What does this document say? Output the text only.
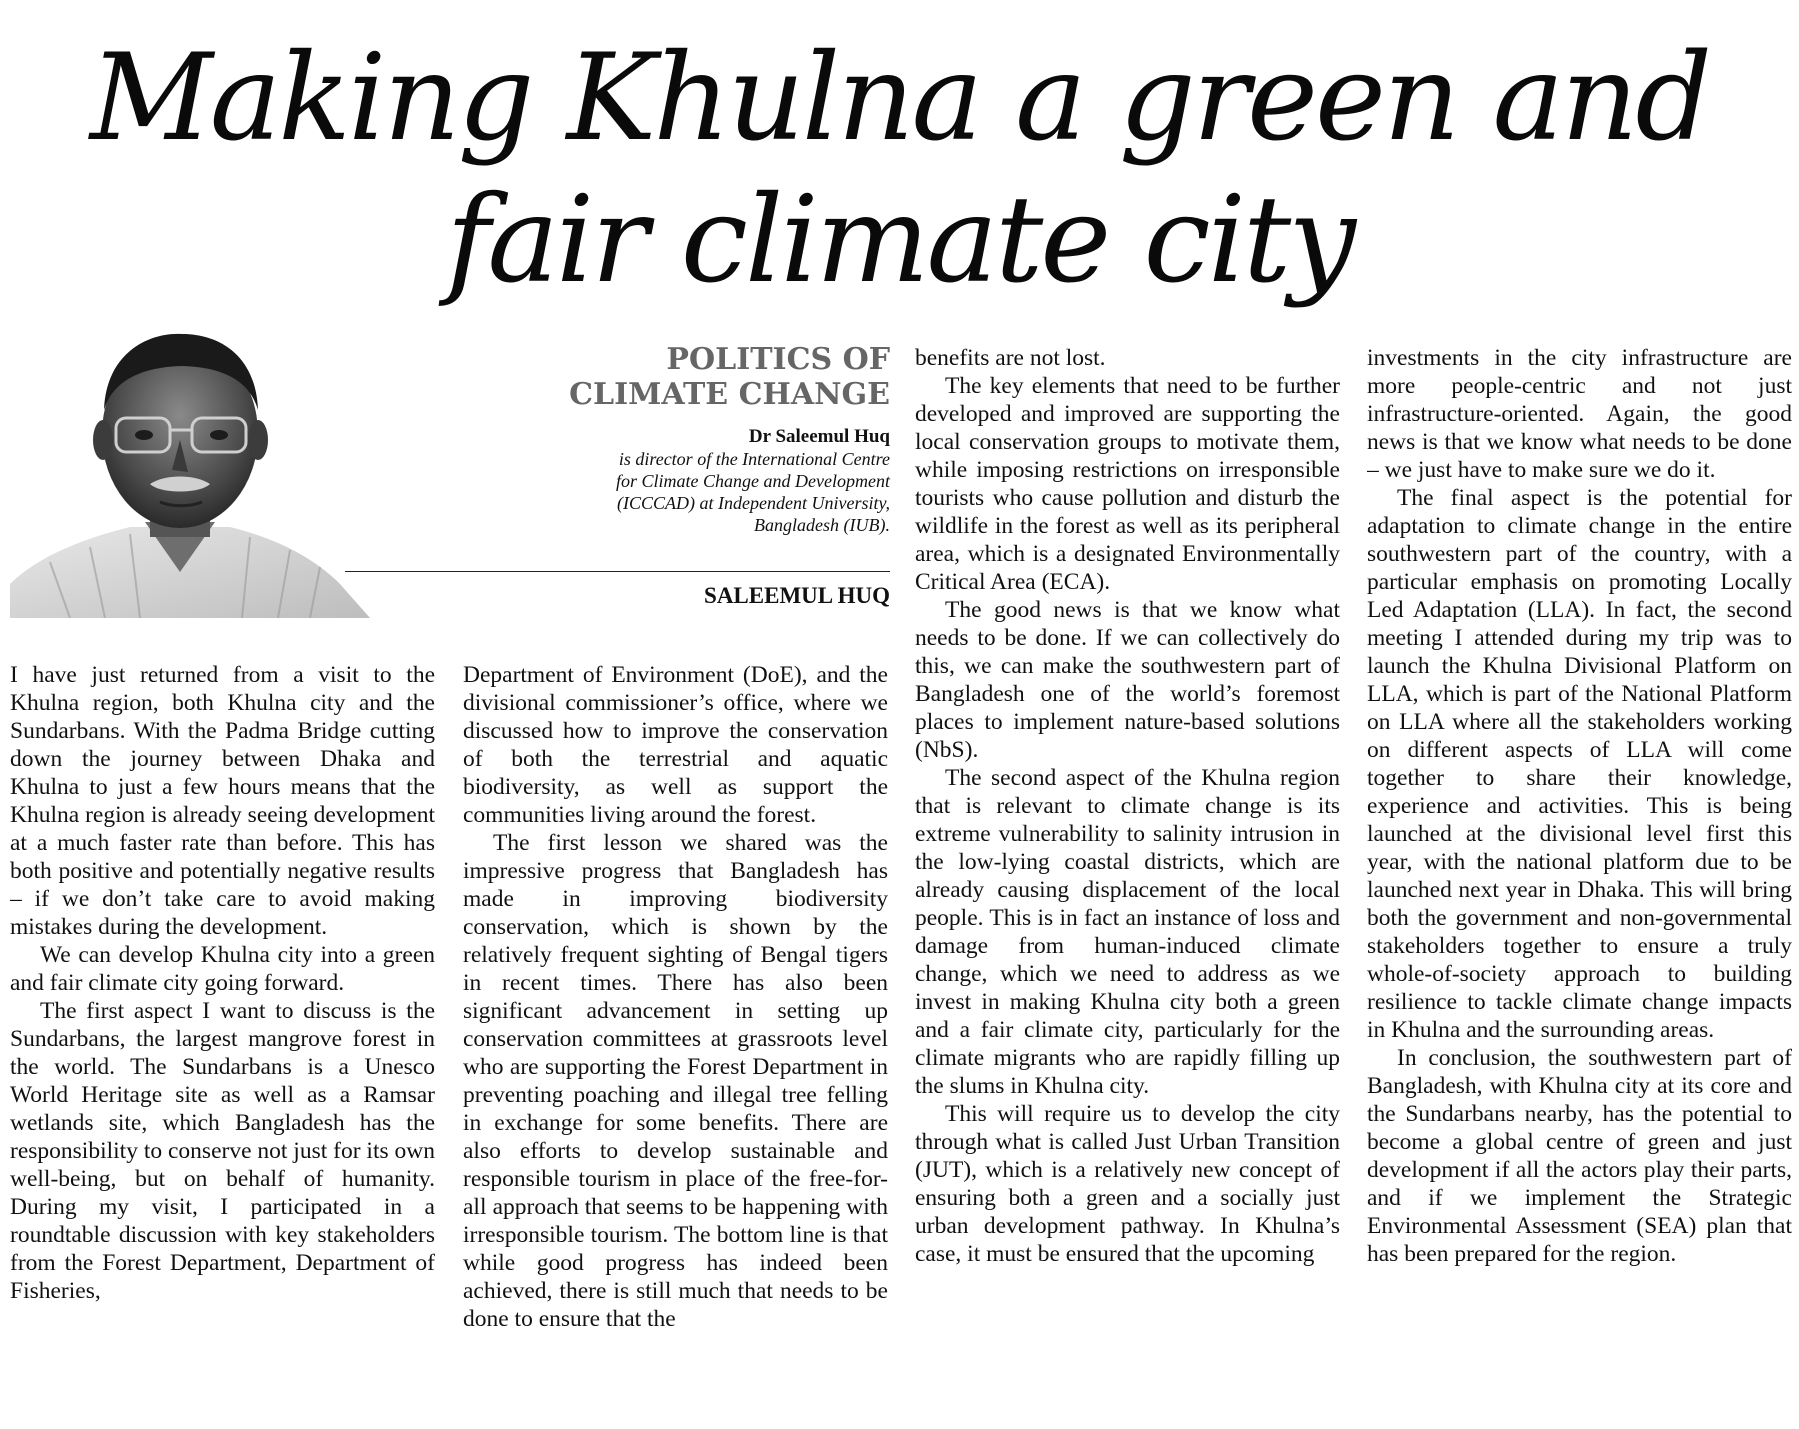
Making Khulna a green and
fair climate city
POLITICS OF
CLIMATE CHANGE
Dr Saleemul Huq
is director of the International Centre
for Climate Change and Development
(ICCCAD) at Independent University,
Bangladesh (IUB).
SALEEMUL HUQ

I have just returned from a visit to the Khulna region, both Khulna city and the Sundarbans. With the Padma Bridge cutting down the journey between Dhaka and Khulna to just a few hours means that the Khulna region is already seeing development at a much faster rate than before. This has both positive and potentially negative results – if we don’t take care to avoid making mistakes during the development.

We can develop Khulna city into a green and fair climate city going forward.

The first aspect I want to discuss is the Sundarbans, the largest mangrove forest in the world. The Sundarbans is a Unesco World Heritage site as well as a Ramsar wetlands site, which Bangladesh has the responsibility to conserve not just for its own well-being, but on behalf of humanity. During my visit, I participated in a roundtable discussion with key stakeholders from the Forest Department, Department of Fisheries,

Department of Environment (DoE), and the divisional commissioner’s office, where we discussed how to improve the conservation of both the terrestrial and aquatic biodiversity, as well as support the communities living around the forest.

The first lesson we shared was the impressive progress that Bangladesh has made in improving biodiversity conservation, which is shown by the relatively frequent sighting of Bengal tigers in recent times. There has also been significant advancement in setting up conservation committees at grassroots level who are supporting the Forest Department in preventing poaching and illegal tree felling in exchange for some benefits. There are also efforts to develop sustainable and responsible tourism in place of the free-for-all approach that seems to be happening with irresponsible tourism. The bottom line is that while good progress has indeed been achieved, there is still much that needs to be done to ensure that the

benefits are not lost.

The key elements that need to be further developed and improved are supporting the local conservation groups to motivate them, while imposing restrictions on irresponsible tourists who cause pollution and disturb the wildlife in the forest as well as its peripheral area, which is a designated Environmentally Critical Area (ECA).

The good news is that we know what needs to be done. If we can collectively do this, we can make the southwestern part of Bangladesh one of the world’s foremost places to implement nature-based solutions (NbS).

The second aspect of the Khulna region that is relevant to climate change is its extreme vulnerability to salinity intrusion in the low-lying coastal districts, which are already causing displacement of the local people. This is in fact an instance of loss and damage from human-induced climate change, which we need to address as we invest in making Khulna city both a green and a fair climate city, particularly for the climate migrants who are rapidly filling up the slums in Khulna city.

This will require us to develop the city through what is called Just Urban Transition (JUT), which is a relatively new concept of ensuring both a green and a socially just urban development pathway. In Khulna’s case, it must be ensured that the upcoming

investments in the city infrastructure are more people-centric and not just infrastructure-oriented. Again, the good news is that we know what needs to be done – we just have to make sure we do it.

The final aspect is the potential for adaptation to climate change in the entire southwestern part of the country, with a particular emphasis on promoting Locally Led Adaptation (LLA). In fact, the second meeting I attended during my trip was to launch the Khulna Divisional Platform on LLA, which is part of the National Platform on LLA where all the stakeholders working on different aspects of LLA will come together to share their knowledge, experience and activities. This is being launched at the divisional level first this year, with the national platform due to be launched next year in Dhaka. This will bring both the government and non-governmental stakeholders together to ensure a truly whole-of-society approach to building resilience to tackle climate change impacts in Khulna and the surrounding areas.

In conclusion, the southwestern part of Bangladesh, with Khulna city at its core and the Sundarbans nearby, has the potential to become a global centre of green and just development if all the actors play their parts, and if we implement the Strategic Environmental Assessment (SEA) plan that has been prepared for the region.
